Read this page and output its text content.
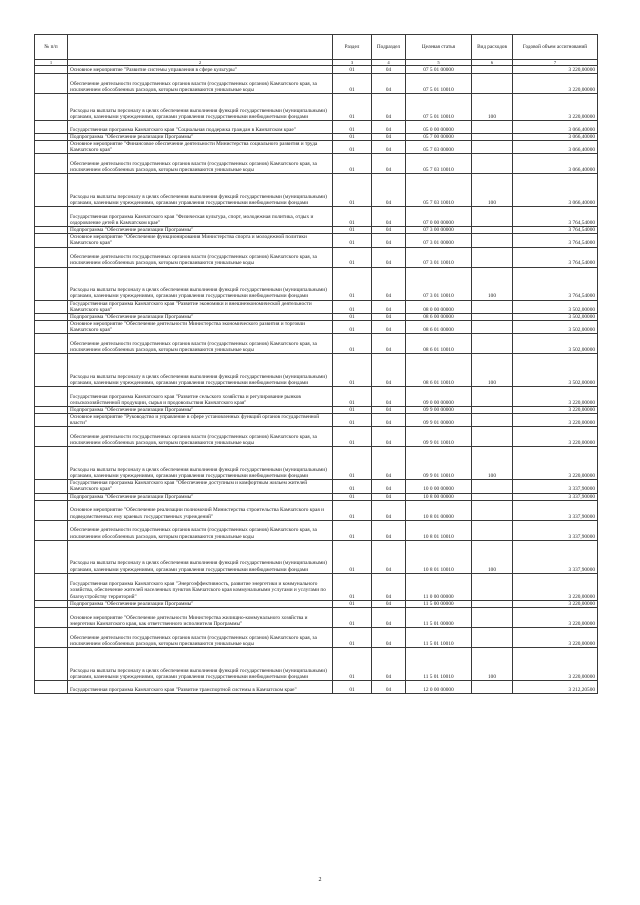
№ п/п		Раздел	Подраздел	Целевая статья	Вид расходов	Годовой объем ассигнований
1	2	3	4	5	6	7
	Основное мероприятие "Развитие системы управления в сфере культуры"	01	04	07 5 01 00000		3 220,00000
	Обеспечение деятельности государственных органов власти (государственных органов) Камчатского края, за исключением обособленных расходов, которым присваиваются уникальные коды	01	04	07 5 01 10010		3 220,00000
	Расходы на выплаты персоналу в целях обеспечения выполнения функций государственными (муниципальными) органами, казенными учреждениями, органами управления государственными внебюджетными фондами	01	04	07 5 01 10010	100	3 220,00000
	Государственная программа Камчатского края "Социальная поддержка граждан в Камчатском крае"	01	04	05 0 00 00000		3 066,40000
	Подпрограмма "Обеспечение реализации Программы"	01	04	05 7 00 00000		3 066,40000
	Основное мероприятие "Финансовое обеспечение деятельности Министерства социального развития и труда Камчатского края"	01	04	05 7 03 00000		3 066,40000
	Обеспечение деятельности государственных органов власти (государственных органов) Камчатского края, за исключением обособленных расходов, которым присваиваются уникальные коды	01	04	05 7 03 10010		3 066,40000
	Расходы на выплаты персоналу в целях обеспечения выполнения функций государственными (муниципальными) органами, казенными учреждениями, органами управления государственными внебюджетными фондами	01	04	05 7 03 10010	100	3 066,40000
	Государственная программа Камчатского края "Физическая культура, спорт, молодежная политика, отдых и оздоровление детей в Камчатском крае"	01	04	07 0 00 00000		3 764,54000
	Подпрограмма "Обеспечение реализации Программы"	01	04	07 3 00 00000		3 764,54000
	Основное мероприятие "Обеспечение функционирования Министерства спорта и молодежной политики Камчатского края"	01	04	07 3 01 00000		3 764,54000
	Обеспечение деятельности государственных органов власти (государственных органов) Камчатского края, за исключением обособленных расходов, которым присваиваются уникальные коды	01	04	07 3 01 10010		3 764,54000
	Расходы на выплаты персоналу в целях обеспечения выполнения функций государственными (муниципальными) органами, казенными учреждениями, органами управления государственными внебюджетными фондами	01	04	07 3 01 10010	100	3 764,54000
	Государственная программа Камчатского края "Развитие экономики и внешнеэкономической деятельности Камчатского края"	01	04	08 0 00 00000		3 502,00000
	Подпрограмма "Обеспечение реализации Программы"	01	04	08 6 00 00000		3 502,00000
	Основное мероприятие "Обеспечение деятельности Министерства экономического развития и торговли Камчатского края"	01	04	08 6 01 00000		3 502,00000
	Обеспечение деятельности государственных органов власти (государственных органов) Камчатского края, за исключением обособленных расходов, которым присваиваются уникальные коды	01	04	08 6 01 10010		3 502,00000
	Расходы на выплаты персоналу в целях обеспечения выполнения функций государственными (муниципальными) органами, казенными учреждениями, органами управления государственными внебюджетными фондами	01	04	08 6 01 10010	100	3 502,00000
	Государственная программа Камчатского края "Развитие сельского хозяйства и регулирование рынков сельскохозяйственной продукции, сырья и продовольствия Камчатского края"	01	04	09 0 00 00000		3 220,00000
	Подпрограмма "Обеспечение реализации Программы"	01	04	09 9 00 00000		3 220,00000
	Основное мероприятие "Руководство и управление в сфере установленных функций органов государственной власти"	01	04	09 9 01 00000		3 220,00000
	Обеспечение деятельности государственных органов власти (государственных органов) Камчатского края, за исключением обособленных расходов, которым присваиваются уникальные коды	01	04	09 9 01 10010		3 220,00000
	Расходы на выплаты персоналу в целях обеспечения выполнения функций государственными (муниципальными) органами, казенными учреждениями, органами управления государственными внебюджетными фондами	01	04	09 9 01 10010	100	3 220,00000
	Государственная программа Камчатского края "Обеспечение доступным и комфортным жильем жителей Камчатского края"	01	04	10 0 00 00000		3 337,90000
	Подпрограмма "Обеспечение реализации Программы"	01	04	10 8 00 00000		3 337,90000
	Основное мероприятие "Обеспечение реализации полномочий Министерства строительства Камчатского края и подведомственных ему краевых государственных учреждений"	01	04	10 8 01 00000		3 337,90000
	Обеспечение деятельности государственных органов власти (государственных органов) Камчатского края, за исключением обособленных расходов, которым присваиваются уникальные коды	01	04	10 8 01 10010		3 337,90000
	Расходы на выплаты персоналу в целях обеспечения выполнения функций государственными (муниципальными) органами, казенными учреждениями, органами управления государственными внебюджетными фондами	01	04	10 8 01 10010	100	3 337,90000
	Государственная программа Камчатского края "Энергоэффективность, развитие энергетики и коммунального хозяйства, обеспечение жителей населенных пунктов Камчатского края коммунальными услугами и услугами по благоустройству территорий"	01	04	11 0 00 00000		3 220,00000
	Подпрограмма "Обеспечение реализации Программы"	01	04	11 5 00 00000		3 220,00000
	Основное мероприятие "Обеспечение деятельности Министерства жилищно-коммунального хозяйства и энергетики Камчатского края, как ответственного исполнителя Программы"	01	04	11 5 01 00000		3 220,00000
	Обеспечение деятельности государственных органов власти (государственных органов) Камчатского края, за исключением обособленных расходов, которым присваиваются уникальные коды	01	04	11 5 01 10010		3 220,00000
	Расходы на выплаты персоналу в целях обеспечения выполнения функций государственными (муниципальными) органами, казенными учреждениями, органами управления государственными внебюджетными фондами	01	04	11 5 01 10010	100	3 220,00000
	Государственная программа Камчатского края "Развитие транспортной системы в Камчатском крае"	01	04	12 0 00 00000		3 212,20500
2
